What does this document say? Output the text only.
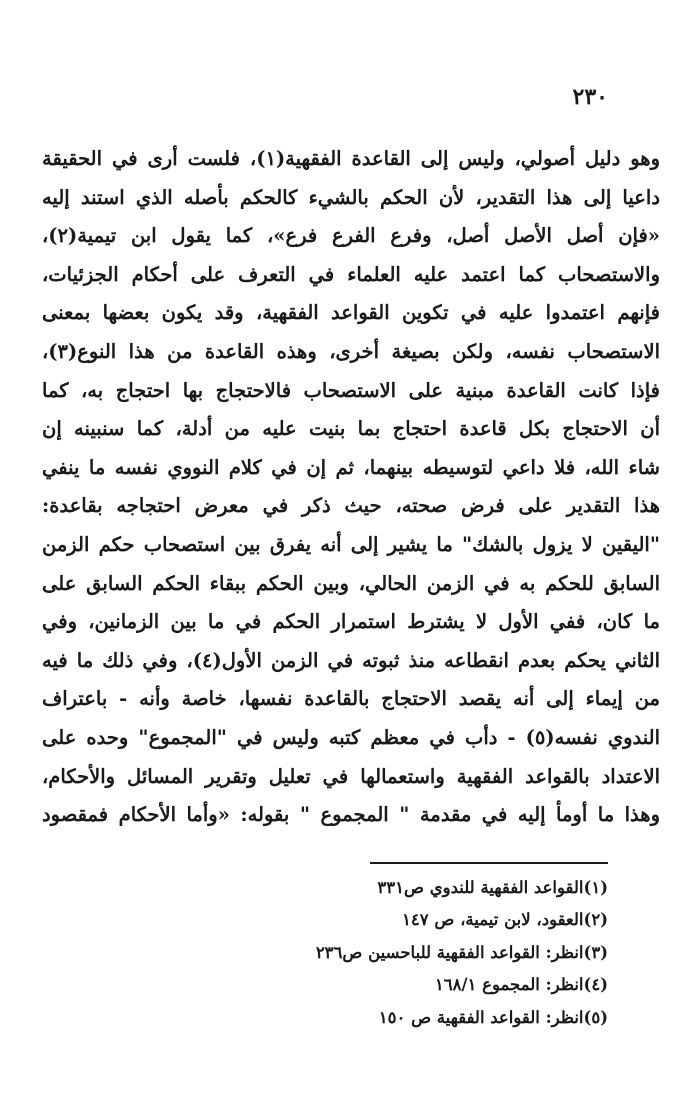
٢٣٠
وهو دليل أصولي، وليس إلى القاعدة الفقهية(١)، فلست أرى في الحقيقة
داعيا إلى هذا التقدير، لأن الحكم بالشيء كالحكم بأصله الذي استند إليه
«فإن أصل الأصل أصل، وفرع الفرع فرع»، كما يقول ابن تيمية(٢)،
والاستصحاب كما اعتمد عليه العلماء في التعرف على أحكام الجزئيات،
فإنهم اعتمدوا عليه في تكوين القواعد الفقهية، وقد يكون بعضها بمعنى
الاستصحاب نفسه، ولكن بصيغة أخرى، وهذه القاعدة من هذا النوع(٣)،
فإذا كانت القاعدة مبنية على الاستصحاب فالاحتجاج بها احتجاج به، كما
أن الاحتجاج بكل قاعدة احتجاج بما بنيت عليه من أدلة، كما سنبينه إن
شاء الله، فلا داعي لتوسيطه بينهما، ثم إن في كلام النووي نفسه ما ينفي
هذا التقدير على فرض صحته، حيث ذكر في معرض احتجاجه بقاعدة:
"اليقين لا يزول بالشك" ما يشير إلى أنه يفرق بين استصحاب حكم الزمن
السابق للحكم به في الزمن الحالي، وبين الحكم ببقاء الحكم السابق على
ما كان، ففي الأول لا يشترط استمرار الحكم في ما بين الزمانين، وفي
الثاني يحكم بعدم انقطاعه منذ ثبوته في الزمن الأول(٤)، وفي ذلك ما فيه
من إيماء إلى أنه يقصد الاحتجاج بالقاعدة نفسها، خاصة وأنه - باعتراف
الندوي نفسه(٥) - دأب في معظم كتبه وليس في "المجموع" وحده على
الاعتداد بالقواعد الفقهية واستعمالها في تعليل وتقرير المسائل والأحكام،
وهذا ما أومأ إليه في مقدمة " المجموع " بقوله: «وأما الأحكام فمقصود
(١)القواعد الفقهية للندوي ص٣٣١
(٢)العقود، لابن تيمية، ص ١٤٧
(٣)انظر: القواعد الفقهية للباحسين ص٢٣٦
(٤)انظر: المجموع ١٦٨/١
(٥)انظر: القواعد الفقهية ص ١٥٠
